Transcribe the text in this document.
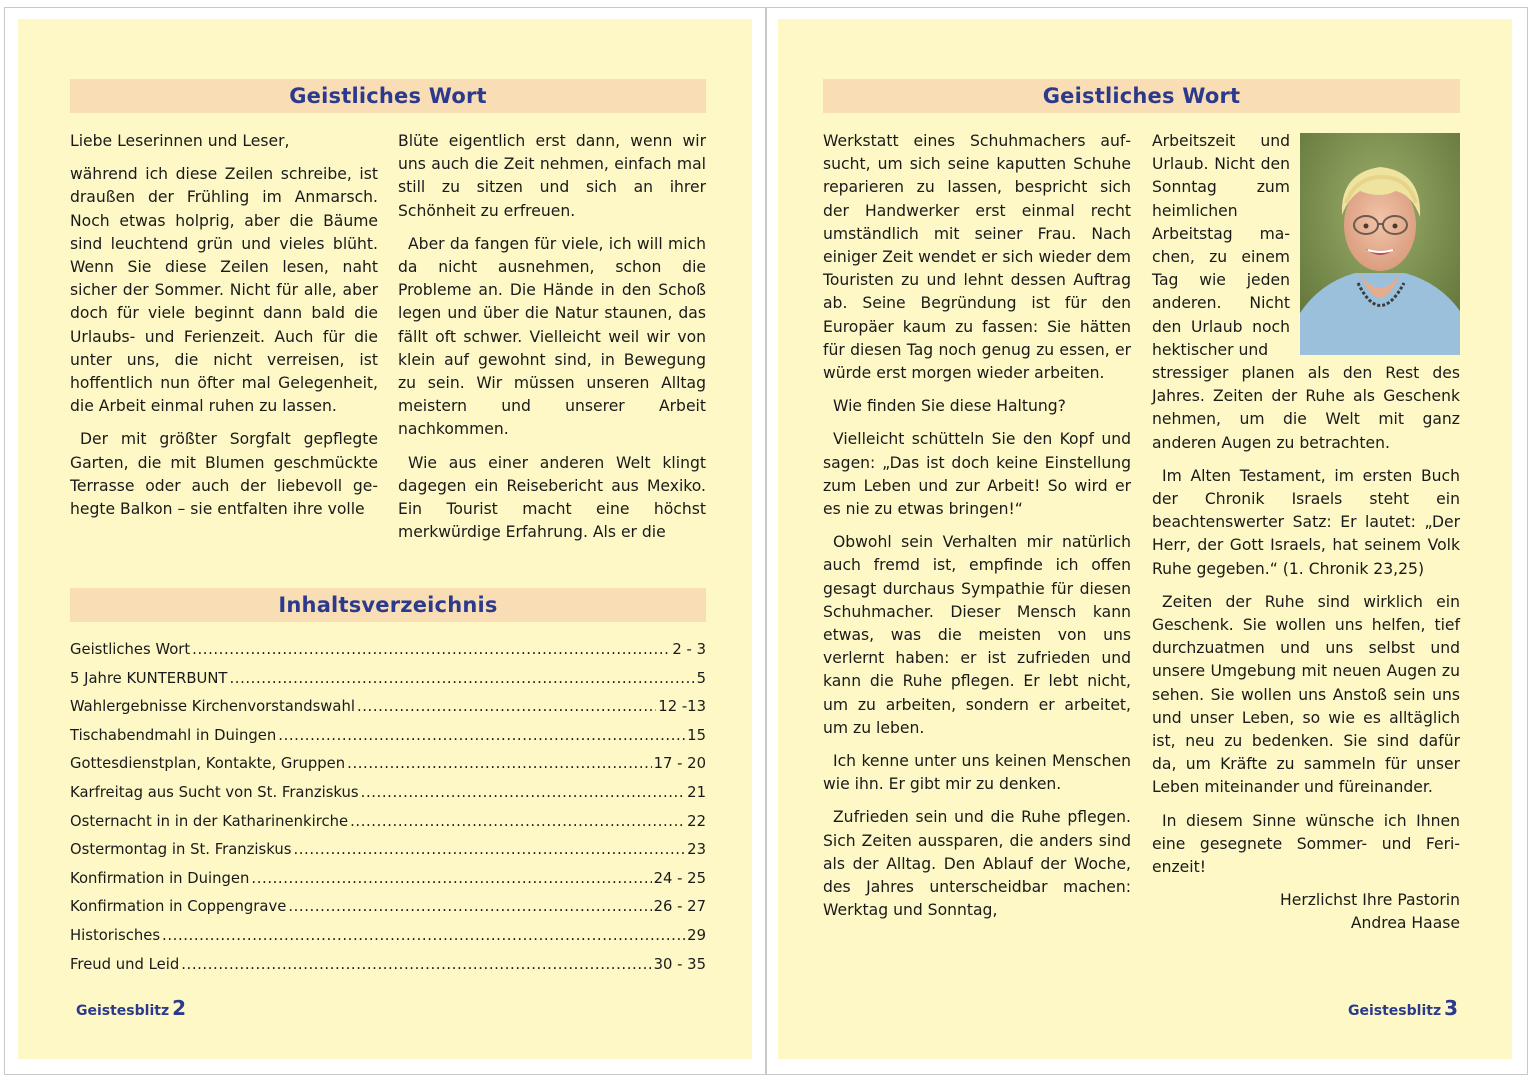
Geistliches Wort

Liebe Leserinnen und Leser,

während ich diese Zeilen schreibe, ist draußen der Frühling im Anmarsch. Noch etwas holprig, aber die Bäume sind leuchtend grün und vieles blüht. Wenn Sie diese Zeilen lesen, naht sicher der Sommer. Nicht für alle, aber doch für viele beginnt dann bald die Urlaubs- und Ferienzeit. Auch für die unter uns, die nicht verreisen, ist hoffentlich nun öfter mal Gelegenheit, die Arbeit einmal ruhen zu lassen.

Der mit größter Sorgfalt gepflegte Garten, die mit Blumen geschmückte Terrasse oder auch der liebevoll gehegte Balkon – sie entfalten ihre volle

Blüte eigentlich erst dann, wenn wir uns auch die Zeit nehmen, einfach mal still zu sitzen und sich an ihrer Schönheit zu erfreuen.

Aber da fangen für viele, ich will mich da nicht ausnehmen, schon die Probleme an. Die Hände in den Schoß legen und über die Natur staunen, das fällt oft schwer. Vielleicht weil wir von klein auf gewohnt sind, in Bewegung zu sein. Wir müssen unseren Alltag meistern und unserer Arbeit nachkommen.

Wie aus einer anderen Welt klingt dagegen ein Reisebericht aus Mexiko. Ein Tourist macht eine höchst merkwürdige Erfahrung. Als er die

Inhaltsverzeichnis
Geistliches Wort .....	2 - 3
5 Jahre KUNTERBUNT .....	5
Wahlergebnisse Kirchenvorstandswahl .....	12 -13
Tischabendmahl in Duingen .....	15
Gottesdienstplan, Kontakte, Gruppen .....	17 - 20
Karfreitag aus Sucht von St. Franziskus .....	21
Osternacht in in der Katharinenkirche .....	22
Ostermontag in St. Franziskus .....	23
Konfirmation in Duingen .....	24 - 25
Konfirmation in Coppengrave .....	26 - 27
Historisches .....	29
Freud und Leid .....	30 - 35
Geistesblitz 2
Geistliches Wort

Werkstatt eines Schuhmachers aufsucht, um sich seine kaputten Schuhe reparieren zu lassen, bespricht sich der Handwerker erst einmal recht umständlich mit seiner Frau. Nach einiger Zeit wendet er sich wieder dem Touristen zu und lehnt dessen Auftrag ab. Seine Begründung ist für den Europäer kaum zu fassen: Sie hätten für diesen Tag noch genug zu essen, er würde erst morgen wieder arbeiten.

Wie finden Sie diese Haltung?

Vielleicht schütteln Sie den Kopf und sagen: „Das ist doch keine Einstellung zum Leben und zur Arbeit! So wird er es nie zu etwas bringen!“

Obwohl sein Verhalten mir natürlich auch fremd ist, empfinde ich offen gesagt durchaus Sympathie für diesen Schuhmacher. Dieser Mensch kann etwas, was die meisten von uns verlernt haben: er ist zufrieden und kann die Ruhe pflegen. Er lebt nicht, um zu arbeiten, sondern er arbeitet, um zu leben.

Ich kenne unter uns keinen Menschen wie ihn. Er gibt mir zu denken.

Zufrieden sein und die Ruhe pflegen. Sich Zeiten aussparen, die anders sind als der Alltag. Den Ablauf der Woche, des Jahres unterscheidbar machen: Werktag und Sonntag,

Arbeitszeit und Urlaub. Nicht den Sonntag zum heimlichen Arbeitstag machen, zu einem Tag wie jeden anderen. Nicht den Urlaub noch hektischer und

stressiger planen als den Rest des Jahres. Zeiten der Ruhe als Geschenk nehmen, um die Welt mit ganz anderen Augen zu betrachten.

Im Alten Testament, im ersten Buch der Chronik Israels steht ein beachtenswerter Satz: Er lautet: „Der Herr, der Gott Israels, hat seinem Volk Ruhe gegeben.“ (1. Chronik 23,25)

Zeiten der Ruhe sind wirklich ein Geschenk. Sie wollen uns helfen, tief durchzuatmen und uns selbst und unsere Umgebung mit neuen Augen zu sehen. Sie wollen uns Anstoß sein uns und unser Leben, so wie es alltäglich ist, neu zu bedenken. Sie sind dafür da, um Kräfte zu sammeln für unser Leben miteinander und füreinander.

In diesem Sinne wünsche ich Ihnen eine gesegnete Sommer- und Ferienzeit!

Herzlichst Ihre Pastorin

Andrea Haase

Geistesblitz 3
